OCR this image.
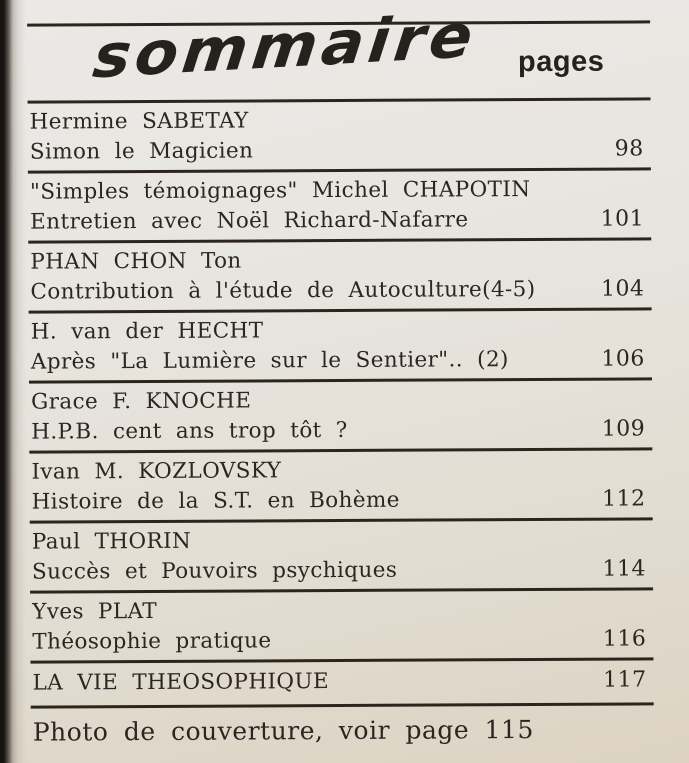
sommaire pages
Hermine SABETAY
Simon le Magicien	98
"Simples témoignages" Michel CHAPOTIN
Entretien avec Noël Richard-Nafarre	101
PHAN CHON Ton
Contribution à l'étude de Autoculture(4-5)	104
H. van der HECHT
Après "La Lumière sur le Sentier".. (2)	106
Grace F. KNOCHE
H.P.B. cent ans trop tôt ?	109
Ivan M. KOZLOVSKY
Histoire de la S.T. en Bohème	112
Paul THORIN
Succès et Pouvoirs psychiques	114
Yves PLAT
Théosophie pratique	116
LA VIE THEOSOPHIQUE	117
Photo de couverture, voir page 115
